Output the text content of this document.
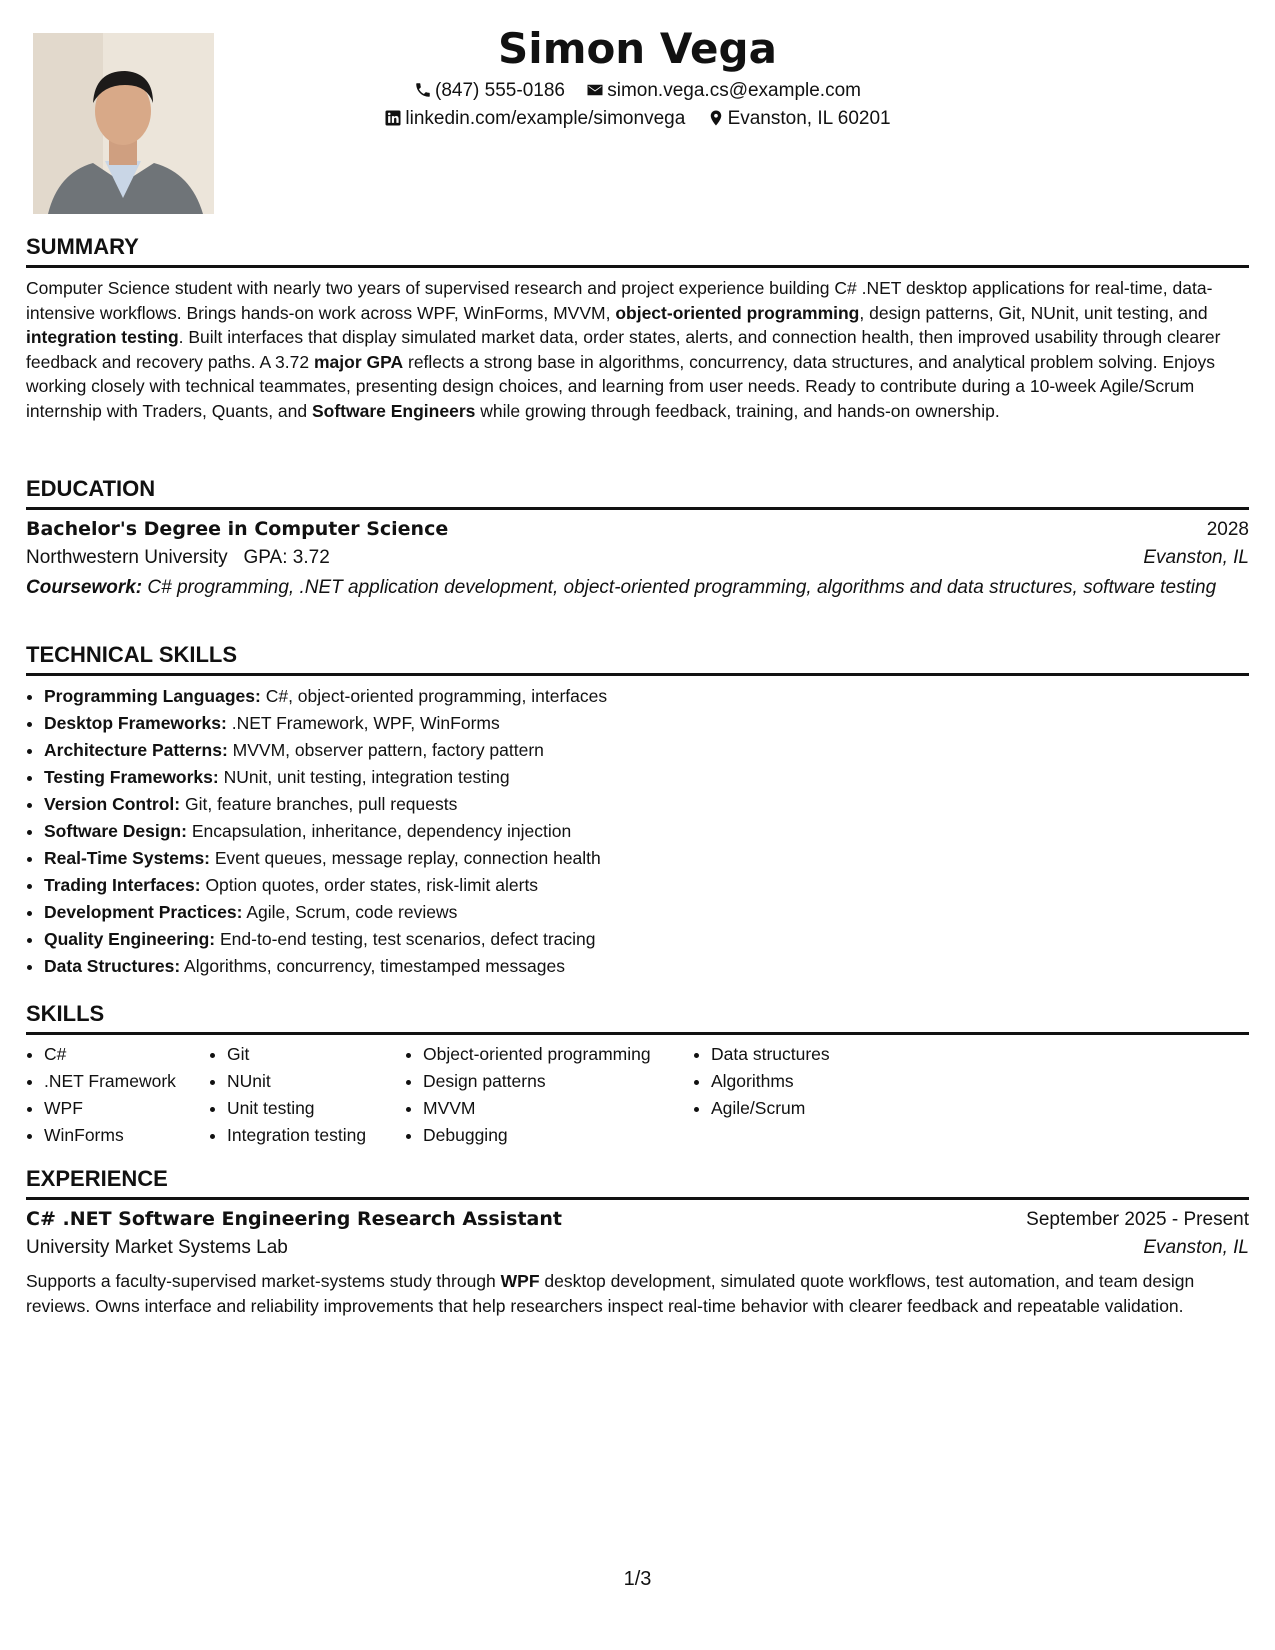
Simon Vega
(847) 555-0186 simon.vega.cs@example.com
linkedin.com/example/simonvega Evanston, IL 60201
SUMMARY

Computer Science student with nearly two years of supervised research and project experience building C# .NET desktop applications for real-time, data-intensive workflows. Brings hands-on work across WPF, WinForms, MVVM, object-oriented programming, design patterns, Git, NUnit, unit testing, and integration testing. Built interfaces that display simulated market data, order states, alerts, and connection health, then improved usability through clearer feedback and recovery paths. A 3.72 major GPA reflects a strong base in algorithms, concurrency, data structures, and analytical problem solving. Enjoys working closely with technical teammates, presenting design choices, and learning from user needs. Ready to contribute during a 10-week Agile/Scrum internship with Traders, Quants, and Software Engineers while growing through feedback, training, and hands-on ownership.

EDUCATION
Bachelor's Degree in Computer Science	2028
Northwestern University GPA: 3.72	Evanston, IL
Coursework: C# programming, .NET application development, object-oriented programming, algorithms and data structures, software testing
TECHNICAL SKILLS
• Programming Languages: C#, object-oriented programming, interfaces
• Desktop Frameworks: .NET Framework, WPF, WinForms
• Architecture Patterns: MVVM, observer pattern, factory pattern
• Testing Frameworks: NUnit, unit testing, integration testing
• Version Control: Git, feature branches, pull requests
• Software Design: Encapsulation, inheritance, dependency injection
• Real-Time Systems: Event queues, message replay, connection health
• Trading Interfaces: Option quotes, order states, risk-limit alerts
• Development Practices: Agile, Scrum, code reviews
• Quality Engineering: End-to-end testing, test scenarios, defect tracing
• Data Structures: Algorithms, concurrency, timestamped messages
SKILLS
• C#
• .NET Framework
• WPF
• WinForms
• Git
• NUnit
• Unit testing
• Integration testing
• Object-oriented programming
• Design patterns
• MVVM
• Debugging
• Data structures
• Algorithms
• Agile/Scrum
EXPERIENCE
C# .NET Software Engineering Research Assistant	September 2025 - Present
University Market Systems Lab	Evanston, IL

Supports a faculty-supervised market-systems study through WPF desktop development, simulated quote workflows, test automation, and team design reviews. Owns interface and reliability improvements that help researchers inspect real-time behavior with clearer feedback and repeatable validation.

1/3
